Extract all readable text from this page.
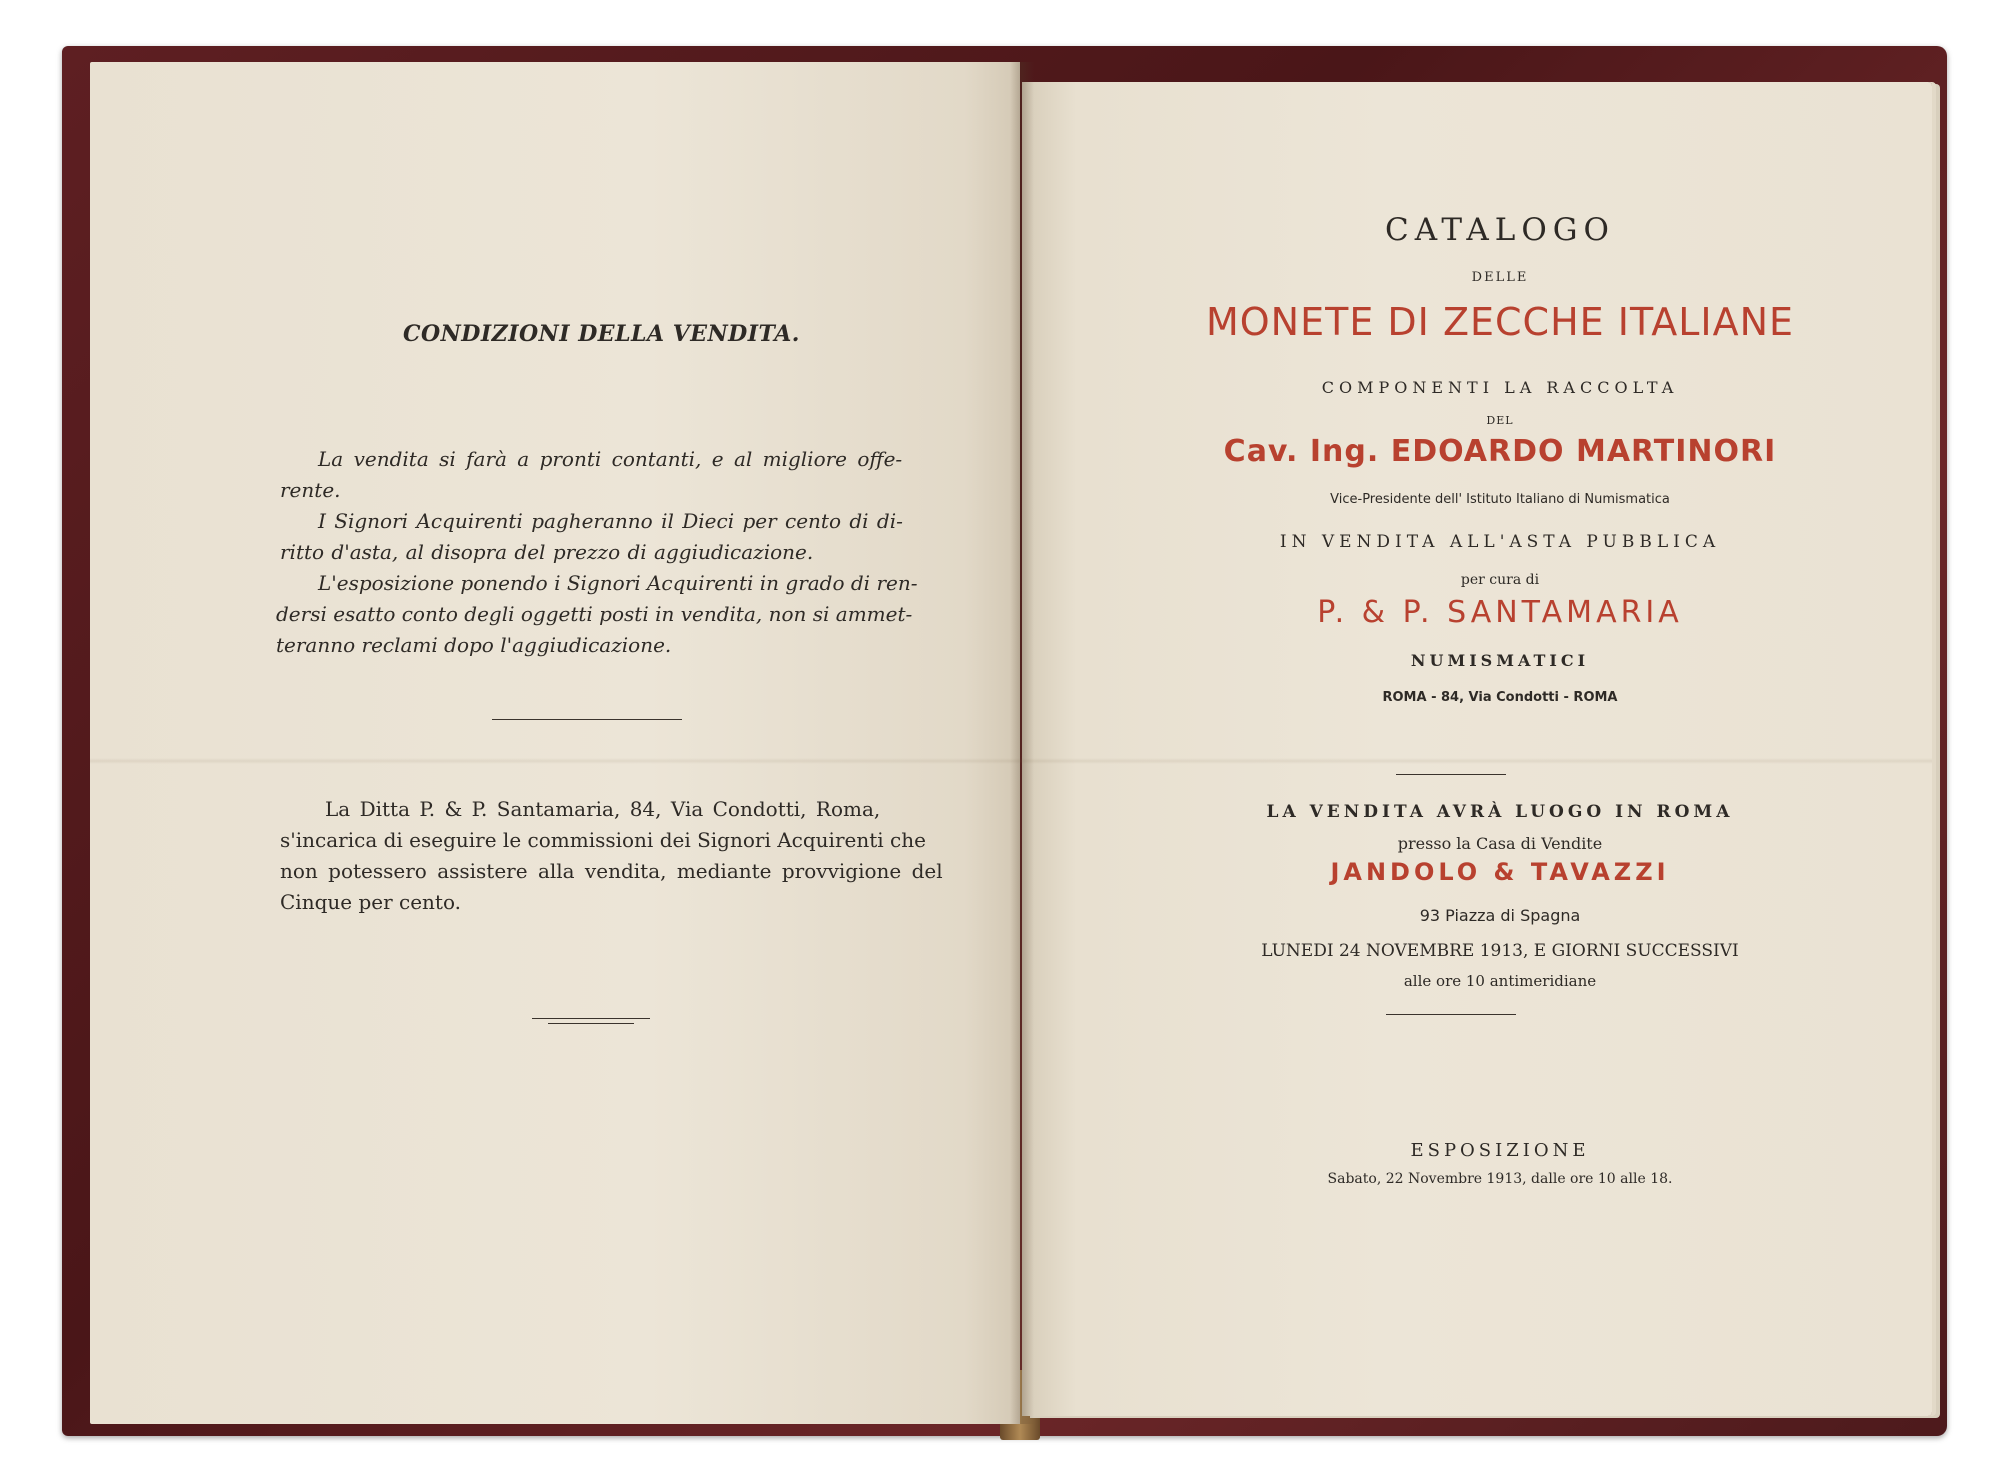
CONDIZIONI DELLA VENDITA.
La vendita si farà a pronti contanti, e al migliore offe-
rente.
I Signori Acquirenti pagheranno il Dieci per cento di di-
ritto d'asta, al disopra del prezzo di aggiudicazione.
L'esposizione ponendo i Signori Acquirenti in grado di ren-
dersi esatto conto degli oggetti posti in vendita, non si ammet-
teranno reclami dopo l'aggiudicazione.
La Ditta P. & P. Santamaria, 84, Via Condotti, Roma,
s'incarica di eseguire le commissioni dei Signori Acquirenti che
non potessero assistere alla vendita, mediante provvigione del
Cinque per cento.
CATALOGO
DELLE
MONETE DI ZECCHE ITALIANE
COMPONENTI LA RACCOLTA
DEL
Cav. Ing. EDOARDO MARTINORI
Vice-Presidente dell' Istituto Italiano di Numismatica
IN VENDITA ALL'ASTA PUBBLICA
per cura di
P. & P. SANTAMARIA
NUMISMATICI
ROMA - 84, Via Condotti - ROMA
LA VENDITA AVRÀ LUOGO IN ROMA
presso la Casa di Vendite
JANDOLO & TAVAZZI
93 Piazza di Spagna
LUNEDI 24 NOVEMBRE 1913, E GIORNI SUCCESSIVI
alle ore 10 antimeridiane
ESPOSIZIONE
Sabato, 22 Novembre 1913, dalle ore 10 alle 18.
